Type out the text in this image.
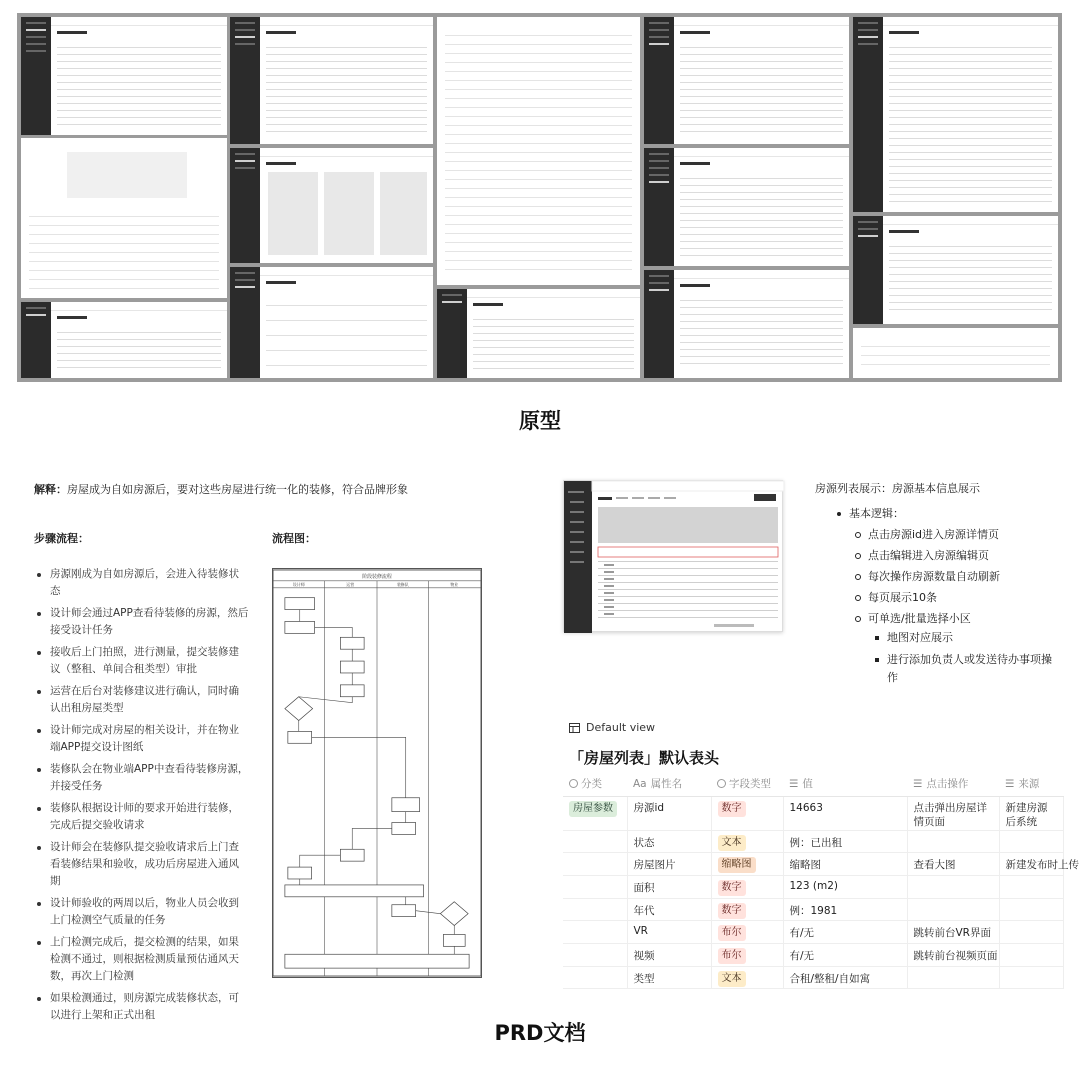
原型
解释：房屋成为自如房源后，要对这些房屋进行统一化的装修，符合品牌形象
步骤流程：	流程图：
房源刚成为自如房源后，会进入待装修状态
设计师会通过APP查看待装修的房源，然后接受设计任务
接收后上门拍照，进行测量，提交装修建议（整租、单间合租类型）审批
运营在后台对装修建议进行确认，同时确认出租房屋类型
设计师完成对房屋的相关设计，并在物业端APP提交设计图纸
装修队会在物业端APP中查看待装修房源，并接受任务
装修队根据设计师的要求开始进行装修，完成后提交验收请求
设计师会在装修队提交验收请求后上门查看装修结果和验收，成功后房屋进入通风期
设计师验收的两周以后，物业人员会收到上门检测空气质量的任务
上门检测完成后，提交检测的结果，如果检测不通过，则根据检测质量预估通风天数，再次上门检测
如果检测通过，则房源完成装修状态，可以进行上架和正式出租
阶段装修流程
设计师	运营	装修队	物业
房源列表展示：房源基本信息展示
基本逻辑：
点击房源id进入房源详情页
点击编辑进入房源编辑页
每次操作房源数量自动刷新
每页展示10条
可单选/批量选择小区
地图对应展示
进行添加负责人或发送待办事项操作
Default view
「房屋列表」默认表头
分类	Aa 属性名	字段类型	☰ 值	☰ 点击操作	☰ 来源
房屋参数	房源id	数字	14663	点击弹出房屋详情页面	新建房源后系统
	状态	文本	例：已出租		
	房屋图片	缩略图	缩略图	查看大图	新建发布时上传
	面积	数字	123 (m2)		
	年代	数字	例：1981		
	VR	布尔	有/无	跳转前台VR界面	
	视频	布尔	有/无	跳转前台视频页面	
	类型	文本	合租/整租/自如寓		
PRD文档
